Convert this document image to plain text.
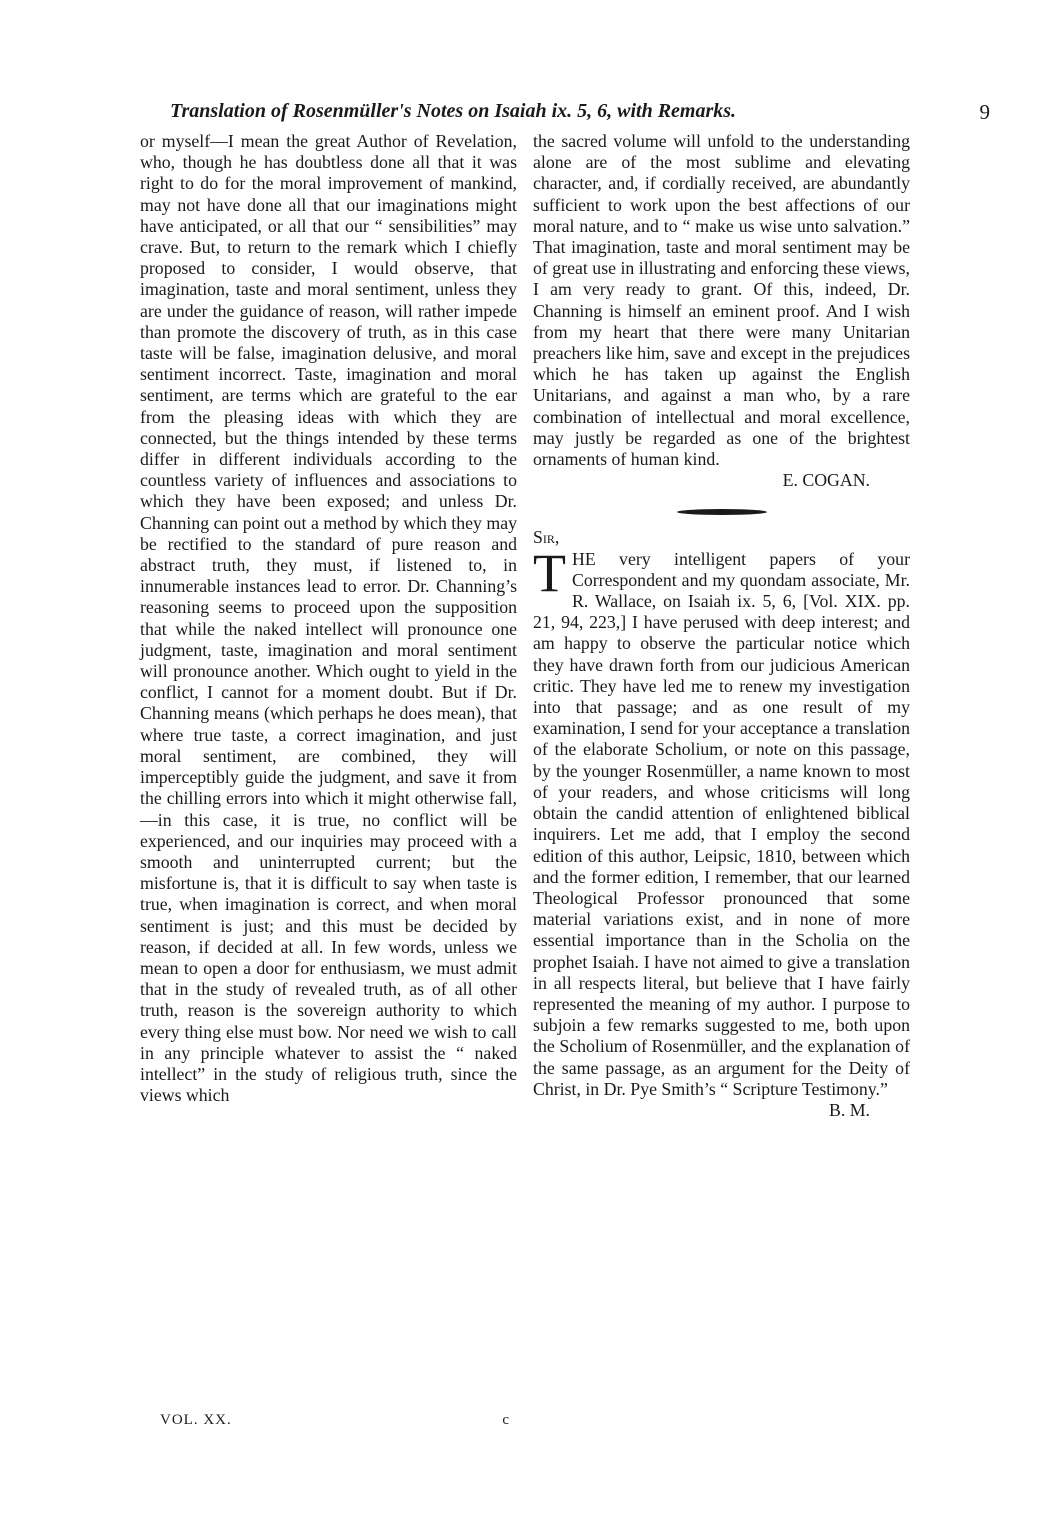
Translation of Rosenmüller's Notes on Isaiah ix. 5, 6, with Remarks.	9

or myself—I mean the great Author of Revelation, who, though he has doubtless done all that it was right to do for the moral improvement of mankind, may not have done all that our imaginations might have anticipated, or all that our “ sensibilities” may crave. But, to return to the remark which I chiefly proposed to consider, I would observe, that imagination, taste and moral sentiment, unless they are under the guidance of reason, will rather impede than promote the discovery of truth, as in this case taste will be false, imagination delusive, and moral sentiment incorrect. Taste, imagination and moral sentiment, are terms which are grateful to the ear from the pleasing ideas with which they are connected, but the things intended by these terms differ in different individuals according to the countless variety of influences and associations to which they have been exposed; and unless Dr. Channing can point out a method by which they may be rectified to the standard of pure reason and abstract truth, they must, if listened to, in innumerable instances lead to error. Dr. Channing’s reasoning seems to proceed upon the supposition that while the naked intellect will pronounce one judgment, taste, imagination and moral sentiment will pronounce another. Which ought to yield in the conflict, I cannot for a moment doubt. But if Dr. Channing means (which perhaps he does mean), that where true taste, a correct imagination, and just moral sentiment, are combined, they will imperceptibly guide the judgment, and save it from the chilling errors into which it might otherwise fall,—in this case, it is true, no conflict will be experienced, and our inquiries may proceed with a smooth and uninterrupted current; but the misfortune is, that it is difficult to say when taste is true, when imagination is correct, and when moral sentiment is just; and this must be decided by reason, if decided at all. In few words, unless we mean to open a door for enthusiasm, we must admit that in the study of revealed truth, as of all other truth, reason is the sovereign authority to which every thing else must bow. Nor need we wish to call in any principle whatever to assist the “ naked intellect” in the study of religious truth, since the views which

the sacred volume will unfold to the understanding alone are of the most sublime and elevating character, and, if cordially received, are abundantly sufficient to work upon the best affections of our moral nature, and to “ make us wise unto salvation.” That imagination, taste and moral sentiment may be of great use in illustrating and enforcing these views, I am very ready to grant. Of this, indeed, Dr. Channing is himself an eminent proof. And I wish from my heart that there were many Unitarian preachers like him, save and except in the prejudices which he has taken up against the English Unitarians, and against a man who, by a rare combination of intellectual and moral excellence, may justly be regarded as one of the brightest ornaments of human kind.

E. COGAN.

Sir,

THE very intelligent papers of your Correspondent and my quondam associate, Mr. R. Wallace, on Isaiah ix. 5, 6, [Vol. XIX. pp. 21, 94, 223,] I have perused with deep interest; and am happy to observe the particular notice which they have drawn forth from our judicious American critic. They have led me to renew my investigation into that passage; and as one result of my examination, I send for your acceptance a translation of the elaborate Scholium, or note on this passage, by the younger Rosenmüller, a name known to most of your readers, and whose criticisms will long obtain the candid attention of enlightened biblical inquirers. Let me add, that I employ the second edition of this author, Leipsic, 1810, between which and the former edition, I remember, that our learned Theological Professor pronounced that some material variations exist, and in none of more essential importance than in the Scholia on the prophet Isaiah. I have not aimed to give a translation in all respects literal, but believe that I have fairly represented the meaning of my author. I purpose to subjoin a few remarks suggested to me, both upon the Scholium of Rosenmüller, and the explanation of the same passage, as an argument for the Deity of Christ, in Dr. Pye Smith’s “ Scripture Testimony.”

B. M.

VOL. XX.	c
